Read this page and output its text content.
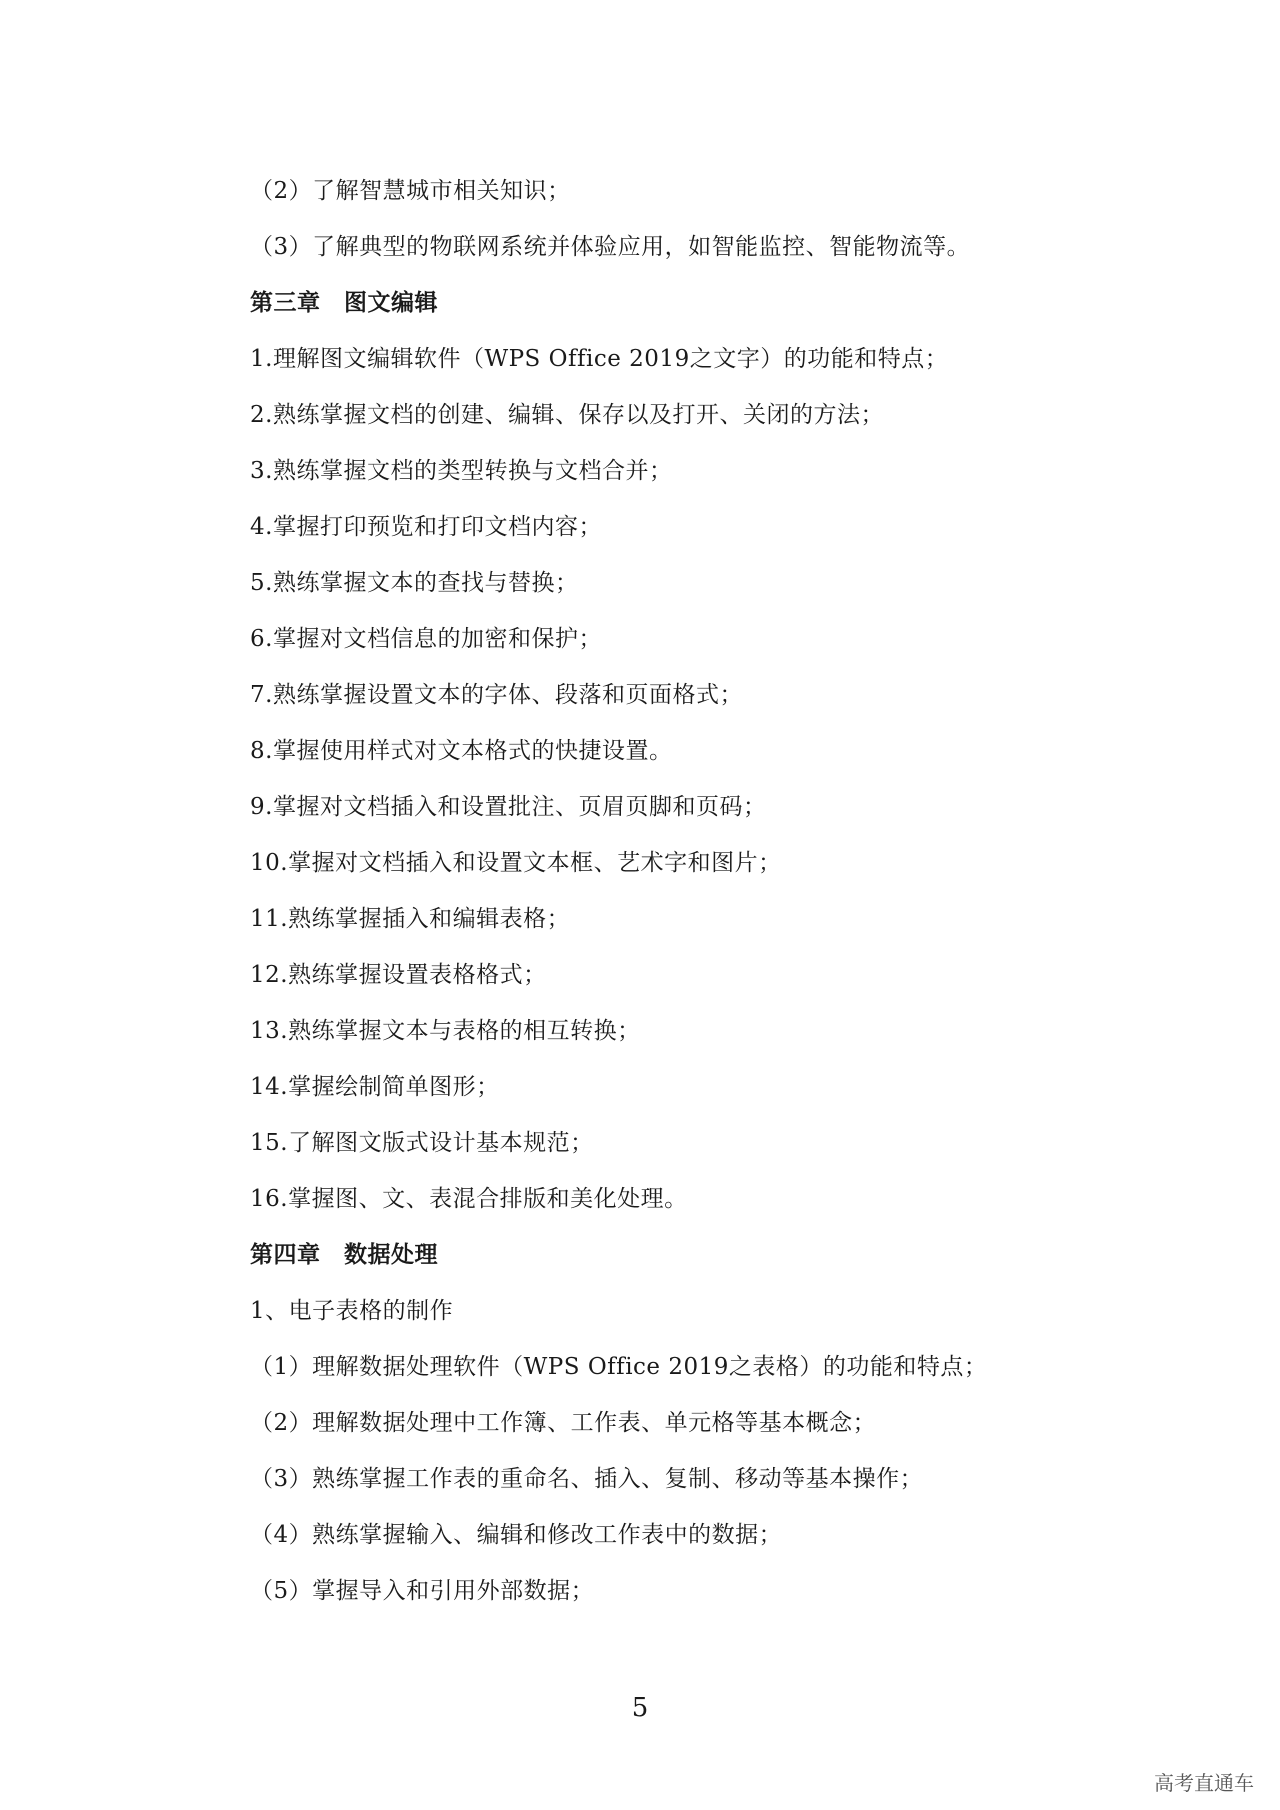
（2）了解智慧城市相关知识；
（3）了解典型的物联网系统并体验应用，如智能监控、智能物流等。
第三章　图文编辑
1.理解图文编辑软件（WPS Office 2019之文字）的功能和特点；
2.熟练掌握文档的创建、编辑、保存以及打开、关闭的方法；
3.熟练掌握文档的类型转换与文档合并；
4.掌握打印预览和打印文档内容；
5.熟练掌握文本的查找与替换；
6.掌握对文档信息的加密和保护；
7.熟练掌握设置文本的字体、段落和页面格式；
8.掌握使用样式对文本格式的快捷设置。
9.掌握对文档插入和设置批注、页眉页脚和页码；
10.掌握对文档插入和设置文本框、艺术字和图片；
11.熟练掌握插入和编辑表格；
12.熟练掌握设置表格格式；
13.熟练掌握文本与表格的相互转换；
14.掌握绘制简单图形；
15.了解图文版式设计基本规范；
16.掌握图、文、表混合排版和美化处理。
第四章　数据处理
1、电子表格的制作
（1）理解数据处理软件（WPS Office 2019之表格）的功能和特点；
（2）理解数据处理中工作簿、工作表、单元格等基本概念；
（3）熟练掌握工作表的重命名、插入、复制、移动等基本操作；
（4）熟练掌握输入、编辑和修改工作表中的数据；
（5）掌握导入和引用外部数据；
5
高考直通车
